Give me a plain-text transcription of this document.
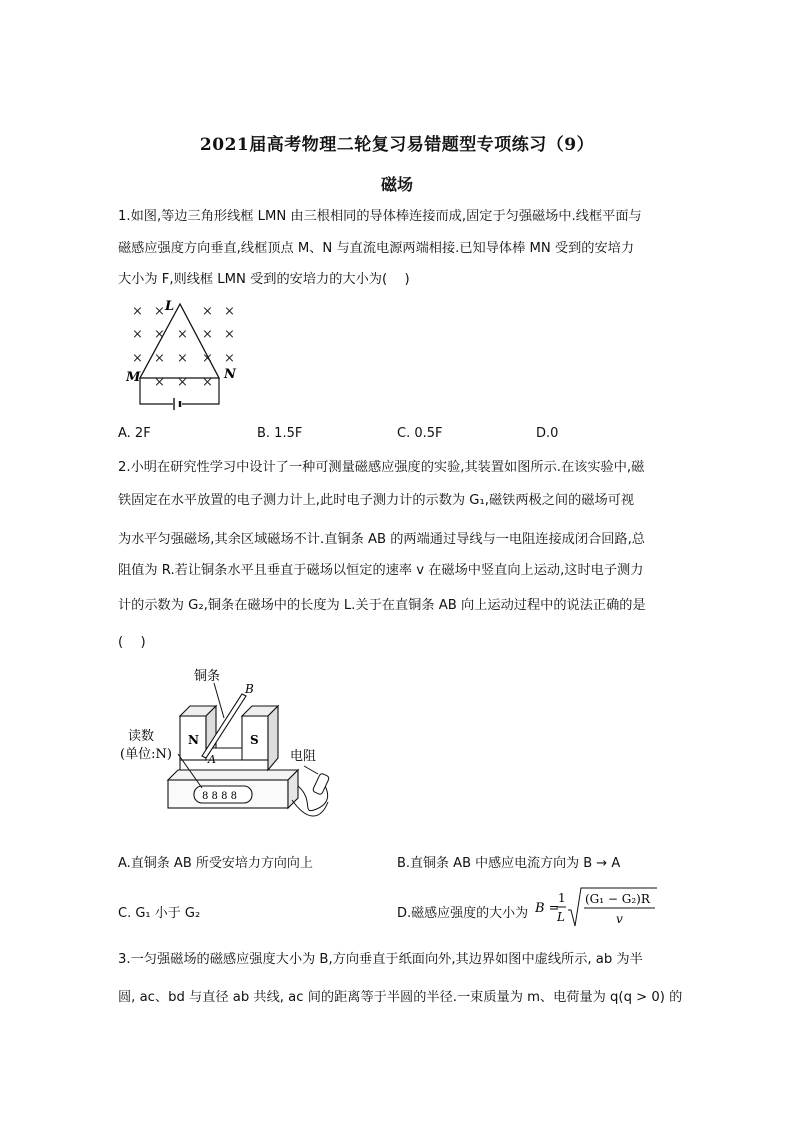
2021届高考物理二轮复习易错题型专项练习（9）
磁场
1.如图,等边三角形线框 LMN 由三根相同的导体棒连接而成,固定于匀强磁场中.线框平面与
磁感应强度方向垂直,线框顶点 M、N 与直流电源两端相接.已知导体棒 MN 受到的安培力
大小为 F,则线框 LMN 受到的安培力的大小为(　 )
× ×	× ×
× × × × ×
× × × × ×
× × ×
L
M	N
A. 2F	B. 1.5F	C. 0.5F	D.0
2.小明在研究性学习中设计了一种可测量磁感应强度的实验,其装置如图所示.在该实验中,磁
铁固定在水平放置的电子测力计上,此时电子测力计的示数为 G₁,磁铁两极之间的磁场可视
为水平匀强磁场,其余区域磁场不计.直铜条 AB 的两端通过导线与一电阻连接成闭合回路,总
阻值为 R.若让铜条水平且垂直于磁场以恒定的速率 v 在磁场中竖直向上运动,这时电子测力
计的示数为 G₂,铜条在磁场中的长度为 L.关于在直铜条 AB 向上运动过程中的说法正确的是
(　 )
8 8 8 8
N	S
B
A
铜条
读数
(单位:N)	电阻
A.直铜条 AB 所受安培力方向向上	B.直铜条 AB 中感应电流方向为 B → A
C. G₁ 小于 G₂	D.磁感应强度的大小为 B =
1
L
(G₁ − G₂)R
v
3.一匀强磁场的磁感应强度大小为 B,方向垂直于纸面向外,其边界如图中虚线所示, ab 为半
圆, ac、bd 与直径 ab 共线, ac 间的距离等于半圆的半径.一束质量为 m、电荷量为 q(q > 0) 的
